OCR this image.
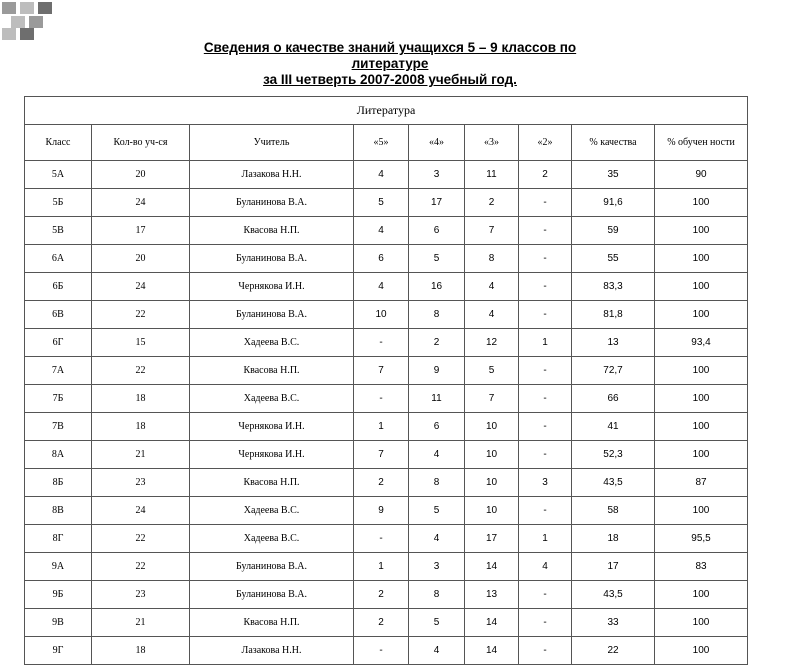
Сведения о качестве знаний учащихся 5 – 9 классов по
литературе
за III четверть 2007-2008 учебный год.
Литература								
Класс	Кол-во уч-ся	Учитель	«5»	«4»	«3»	«2»	% качества	% обучен ности
5А	20	Лазакова Н.Н.	4	3	11	2	35	90
5Б	24	Буланинова В.А.	5	17	2	-	91,6	100
5В	17	Квасова Н.П.	4	6	7	-	59	100
6А	20	Буланинова В.А.	6	5	8	-	55	100
6Б	24	Чернякова И.Н.	4	16	4	-	83,3	100
6В	22	Буланинова В.А.	10	8	4	-	81,8	100
6Г	15	Хадеева В.С.	-	2	12	1	13	93,4
7А	22	Квасова Н.П.	7	9	5	-	72,7	100
7Б	18	Хадеева В.С.	-	11	7	-	66	100
7В	18	Чернякова И.Н.	1	6	10	-	41	100
8А	21	Чернякова И.Н.	7	4	10	-	52,3	100
8Б	23	Квасова Н.П.	2	8	10	3	43,5	87
8В	24	Хадеева В.С.	9	5	10	-	58	100
8Г	22	Хадеева В.С.	-	4	17	1	18	95,5
9А	22	Буланинова В.А.	1	3	14	4	17	83
9Б	23	Буланинова В.А.	2	8	13	-	43,5	100
9В	21	Квасова Н.П.	2	5	14	-	33	100
9Г	18	Лазакова Н.Н.	-	4	14	-	22	100
